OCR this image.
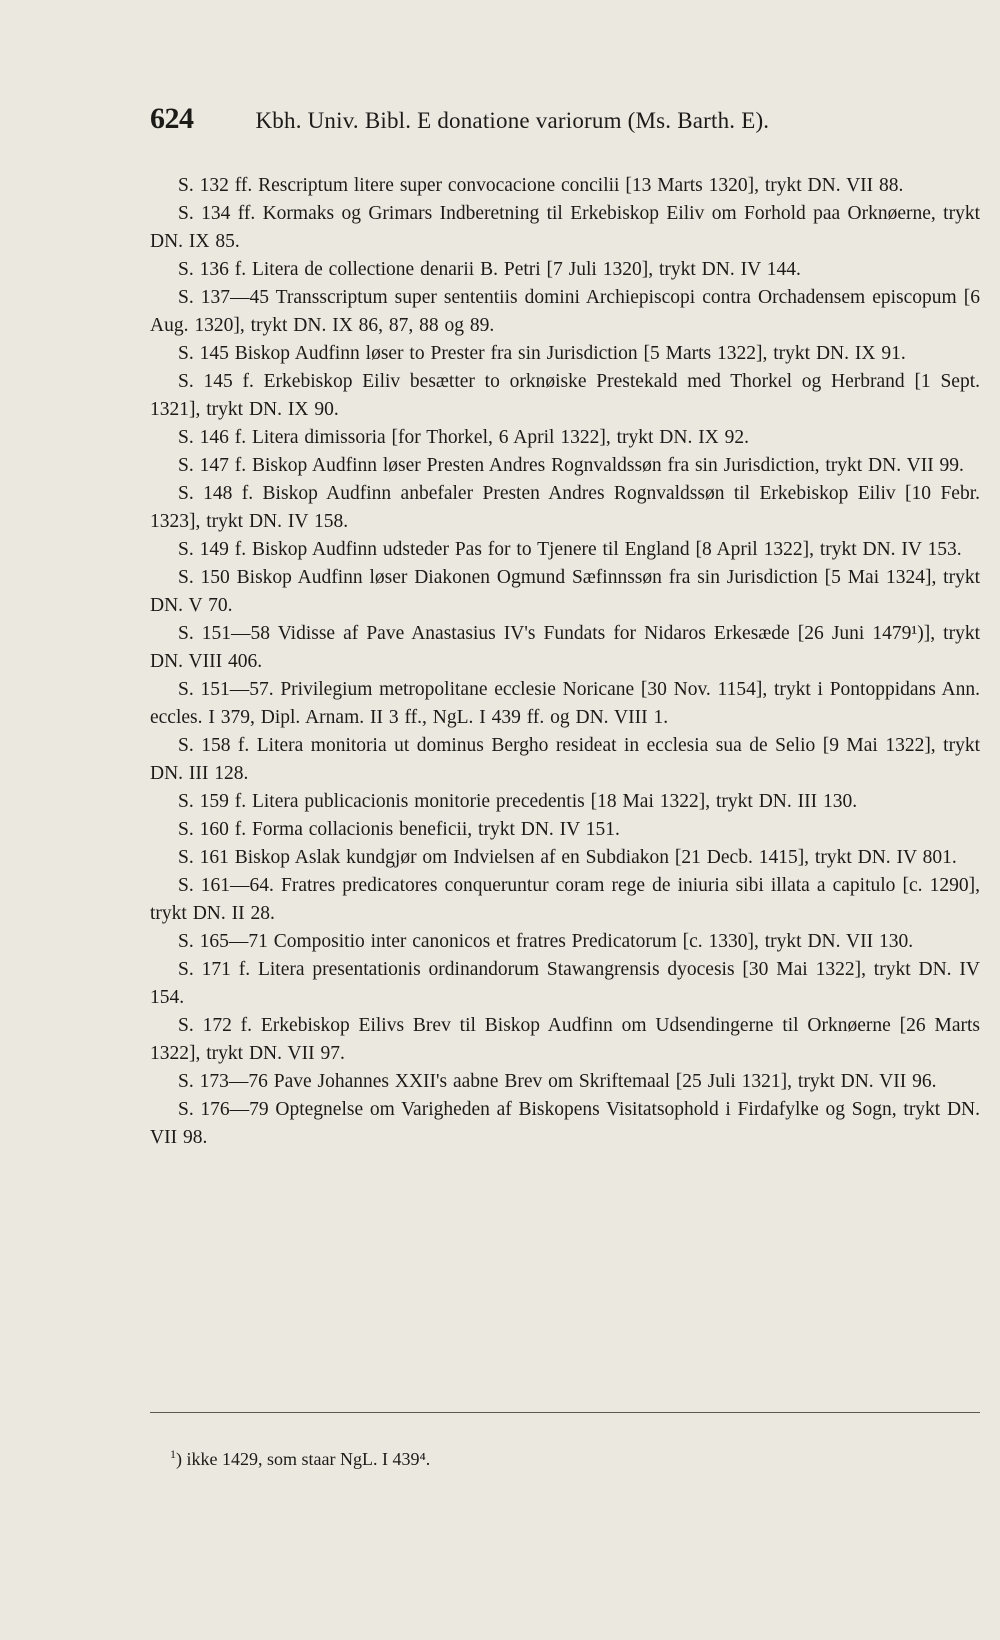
624	Kbh. Univ. Bibl. E donatione variorum (Ms. Barth. E).

S. 132 ff. Rescriptum litere super convocacione concilii [13 Marts 1320], trykt DN. VII 88.

S. 134 ff. Kormaks og Grimars Indberetning til Erkebiskop Eiliv om Forhold paa Orknøerne, trykt DN. IX 85.

S. 136 f. Litera de collectione denarii B. Petri [7 Juli 1320], trykt DN. IV 144.

S. 137—45 Transscriptum super sententiis domini Archiepiscopi contra Orchadensem episcopum [6 Aug. 1320], trykt DN. IX 86, 87, 88 og 89.

S. 145 Biskop Audfinn løser to Prester fra sin Jurisdiction [5 Marts 1322], trykt DN. IX 91.

S. 145 f. Erkebiskop Eiliv besætter to orknøiske Prestekald med Thorkel og Herbrand [1 Sept. 1321], trykt DN. IX 90.

S. 146 f. Litera dimissoria [for Thorkel, 6 April 1322], trykt DN. IX 92.

S. 147 f. Biskop Audfinn løser Presten Andres Rognvaldssøn fra sin Jurisdiction, trykt DN. VII 99.

S. 148 f. Biskop Audfinn anbefaler Presten Andres Rognvaldssøn til Erkebiskop Eiliv [10 Febr. 1323], trykt DN. IV 158.

S. 149 f. Biskop Audfinn udsteder Pas for to Tjenere til England [8 April 1322], trykt DN. IV 153.

S. 150 Biskop Audfinn løser Diakonen Ogmund Sæfinnssøn fra sin Jurisdiction [5 Mai 1324], trykt DN. V 70.

S. 151—58 Vidisse af Pave Anastasius IV's Fundats for Nidaros Erkesæde [26 Juni 1479¹)], trykt DN. VIII 406.

S. 151—57. Privilegium metropolitane ecclesie Noricane [30 Nov. 1154], trykt i Pontoppidans Ann. eccles. I 379, Dipl. Arnam. II 3 ff., NgL. I 439 ff. og DN. VIII 1.

S. 158 f. Litera monitoria ut dominus Bergho resideat in ecclesia sua de Selio [9 Mai 1322], trykt DN. III 128.

S. 159 f. Litera publicacionis monitorie precedentis [18 Mai 1322], trykt DN. III 130.

S. 160 f. Forma collacionis beneficii, trykt DN. IV 151.

S. 161 Biskop Aslak kundgjør om Indvielsen af en Subdiakon [21 Decb. 1415], trykt DN. IV 801.

S. 161—64. Fratres predicatores conqueruntur coram rege de iniuria sibi illata a capitulo [c. 1290], trykt DN. II 28.

S. 165—71 Compositio inter canonicos et fratres Predicatorum [c. 1330], trykt DN. VII 130.

S. 171 f. Litera presentationis ordinandorum Stawangrensis dyocesis [30 Mai 1322], trykt DN. IV 154.

S. 172 f. Erkebiskop Eilivs Brev til Biskop Audfinn om Udsendingerne til Orknøerne [26 Marts 1322], trykt DN. VII 97.

S. 173—76 Pave Johannes XXII's aabne Brev om Skriftemaal [25 Juli 1321], trykt DN. VII 96.

S. 176—79 Optegnelse om Varigheden af Biskopens Visitatsophold i Firdafylke og Sogn, trykt DN. VII 98.

$^1$) ikke 1429, som staar NgL. I 439⁴.
